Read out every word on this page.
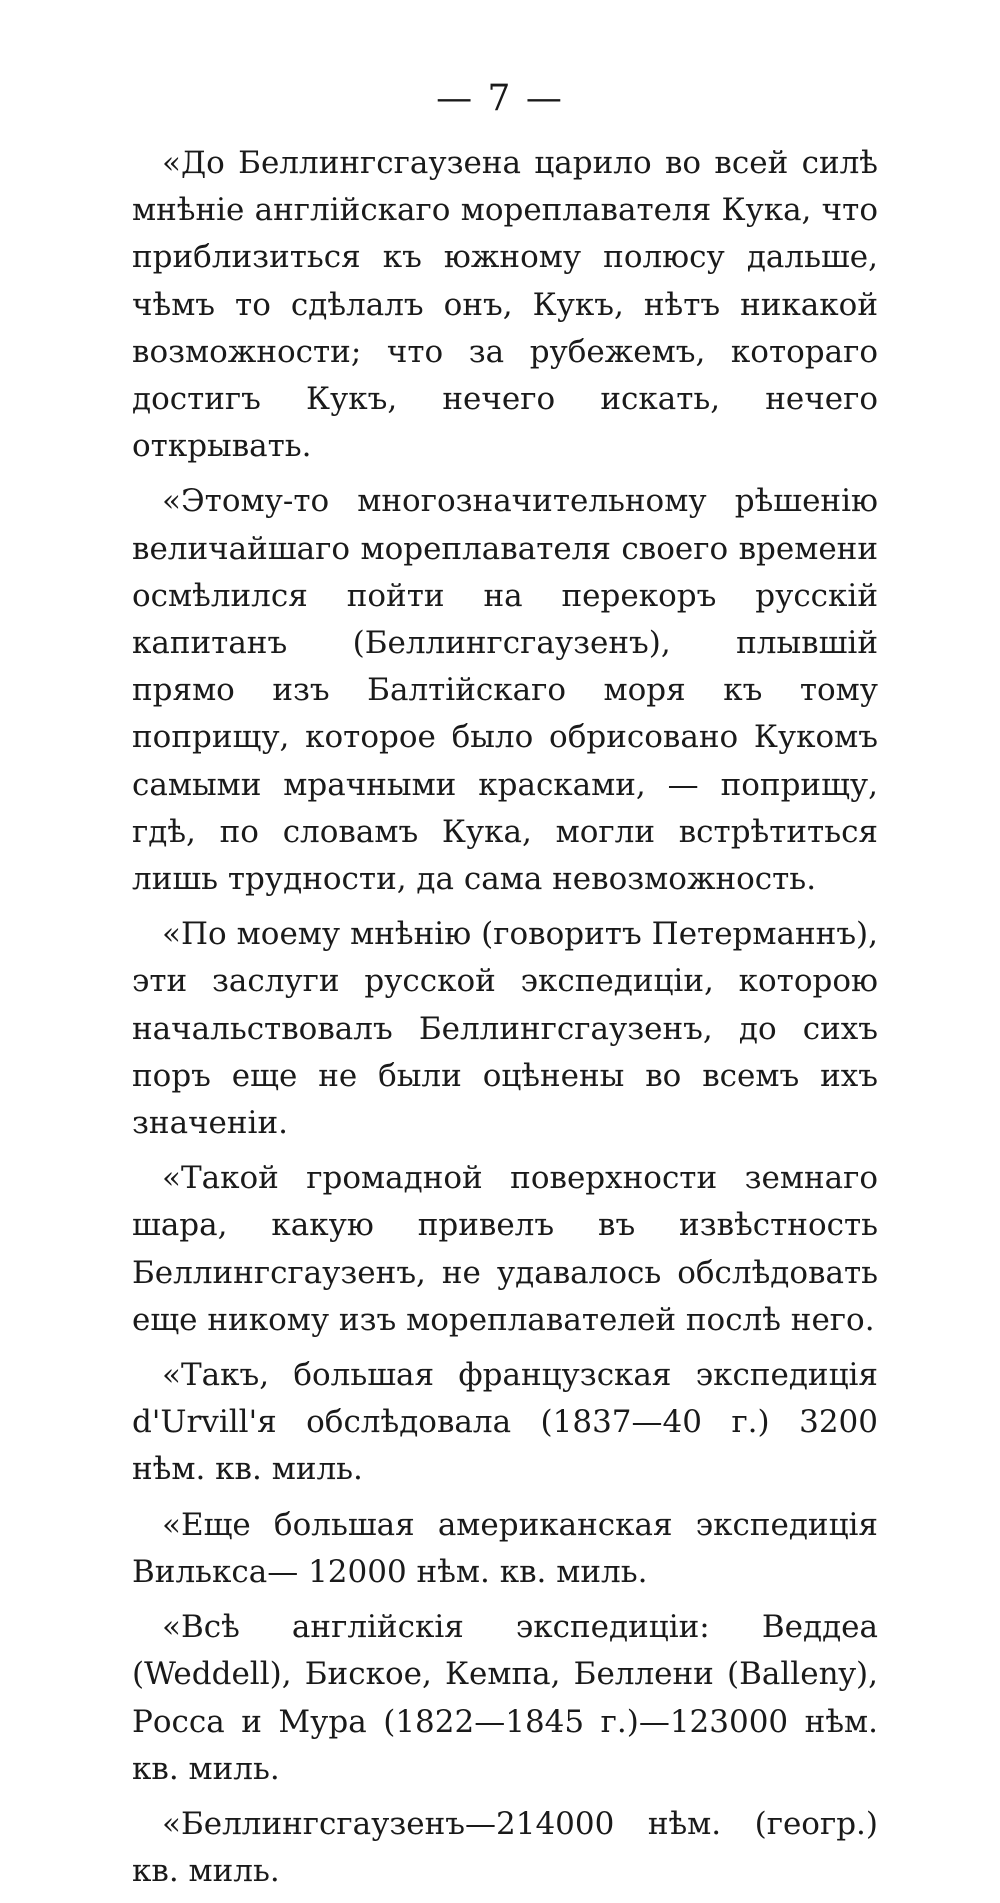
— 7 —

«До Беллингсгаузена царило во всей силѣ мнѣніе англійскаго мореплавателя Кука, что приблизиться къ южному полюсу дальше, чѣмъ то сдѣлалъ онъ, Кукъ, нѣтъ никакой возможности; что за рубежемъ, котораго достигъ Кукъ, нечего искать, нечего открывать.

«Этому-то многозначительному рѣшенію величайшаго мореплавателя своего времени осмѣлился пойти на перекоръ русскій капитанъ (Беллингсгаузенъ), плывшій прямо изъ Балтійскаго моря къ тому поприщу, которое было обрисовано Кукомъ самыми мрачными красками, — поприщу, гдѣ, по словамъ Кука, могли встрѣтиться лишь трудности, да сама невозможность.

«По моему мнѣнію (говоритъ Петерманнъ), эти заслуги русской экспедиціи, которою начальствовалъ Беллингсгаузенъ, до сихъ поръ еще не были оцѣнены во всемъ ихъ значеніи.

«Такой громадной поверхности земнаго шара, какую привелъ въ извѣстность Беллингсгаузенъ, не удавалось обслѣдовать еще никому изъ мореплавателей послѣ него.

«Такъ, большая французская экспедиція d'Urvill'я обслѣдовала (1837—40 г.) 3200 нѣм. кв. миль.

«Еще большая американская экспедиція Вилькса— 12000 нѣм. кв. миль.

«Всѣ англійскія экспедиціи: Веддеа (Weddell), Биское, Кемпа, Беллени (Balleny), Росса и Мура (1822—1845 г.)—123000 нѣм. кв. миль.

«Беллингсгаузенъ—214000 нѣм. (геогр.) кв. миль.
